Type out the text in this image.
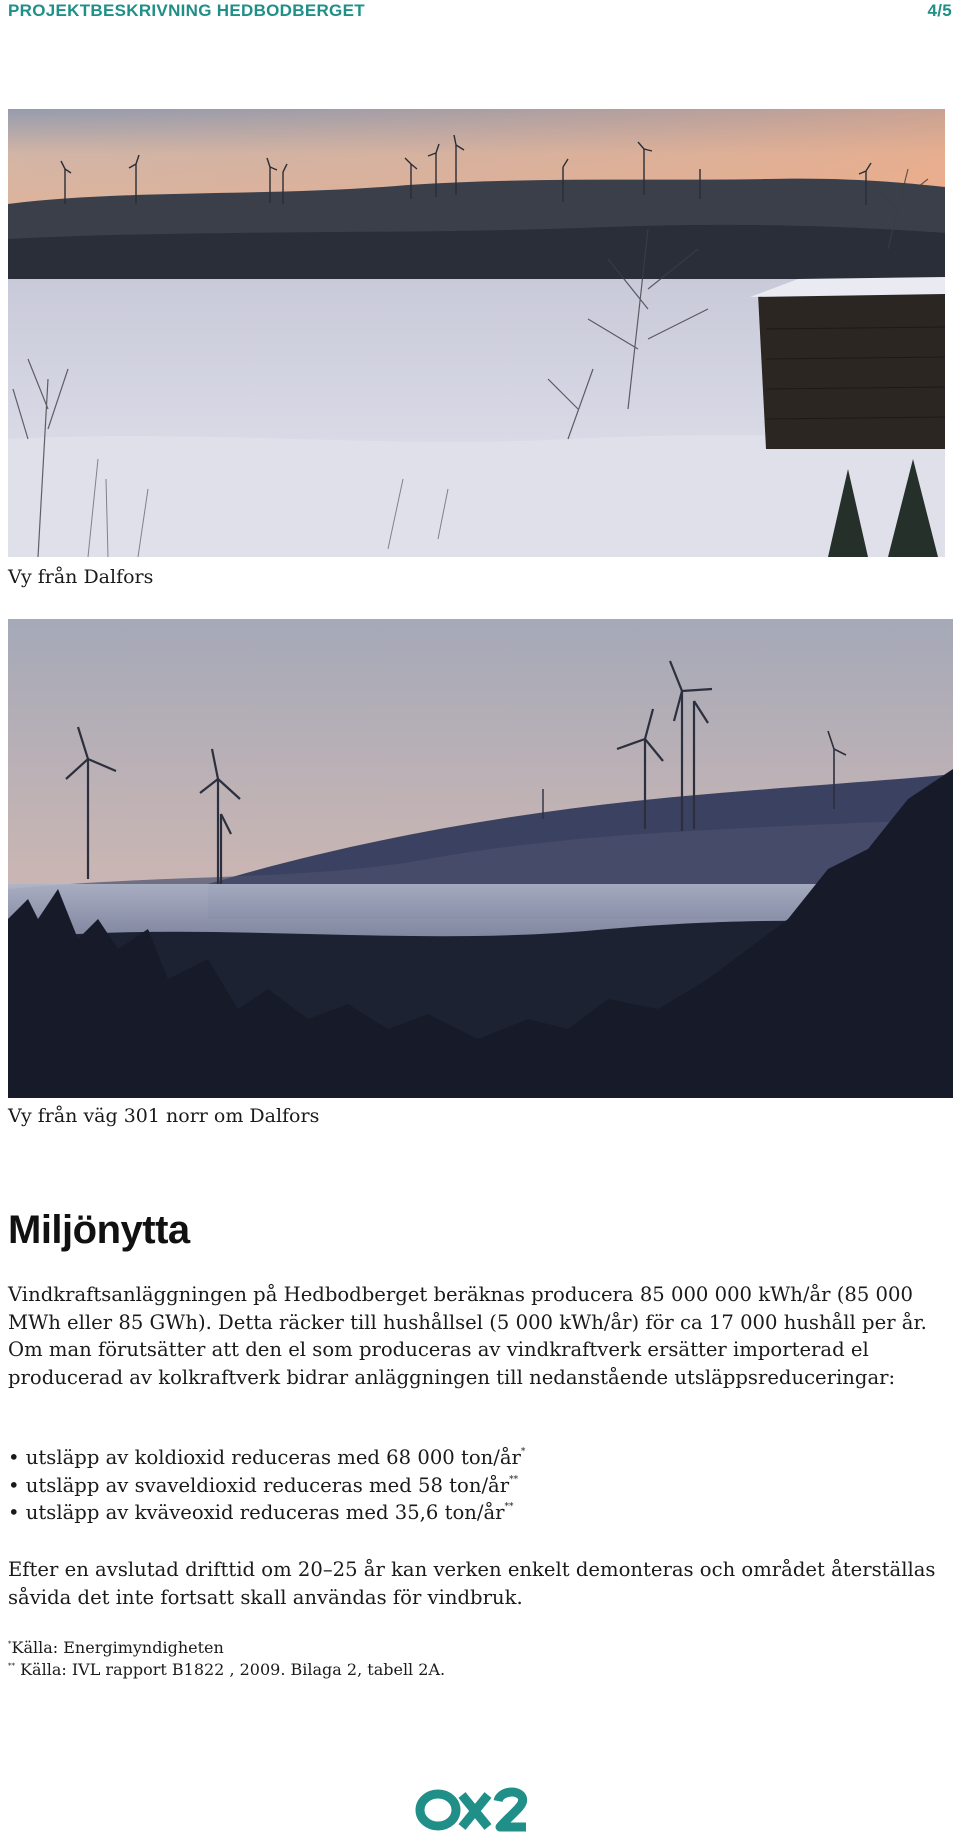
PROJEKTBESKRIVNING HEDBODBERGET	4/5
Vy från Dalfors
Vy från väg 301 norr om Dalfors
Miljönytta

Vindkraftsanläggningen på Hedbodberget beräknas producera 85 000 000 kWh/år (85 000 MWh eller 85 GWh). Detta räcker till hushållsel (5 000 kWh/år) för ca 17 000 hushåll per år. Om man förutsätter att den el som produceras av vindkraftverk ersätter importerad el producerad av kolkraftverk bidrar anläggningen till nedanstående utsläppsreduceringar:

• utsläpp av koldioxid reduceras med 68 000 ton/år*
• utsläpp av svaveldioxid reduceras med 58 ton/år**
• utsläpp av kväveoxid reduceras med 35,6 ton/år**

Efter en avslutad drifttid om 20–25 år kan verken enkelt demonteras och området återställas såvida det inte fortsatt skall användas för vindbruk.

*Källa: Energimyndigheten
** Källa: IVL rapport B1822 , 2009. Bilaga 2, tabell 2A.
